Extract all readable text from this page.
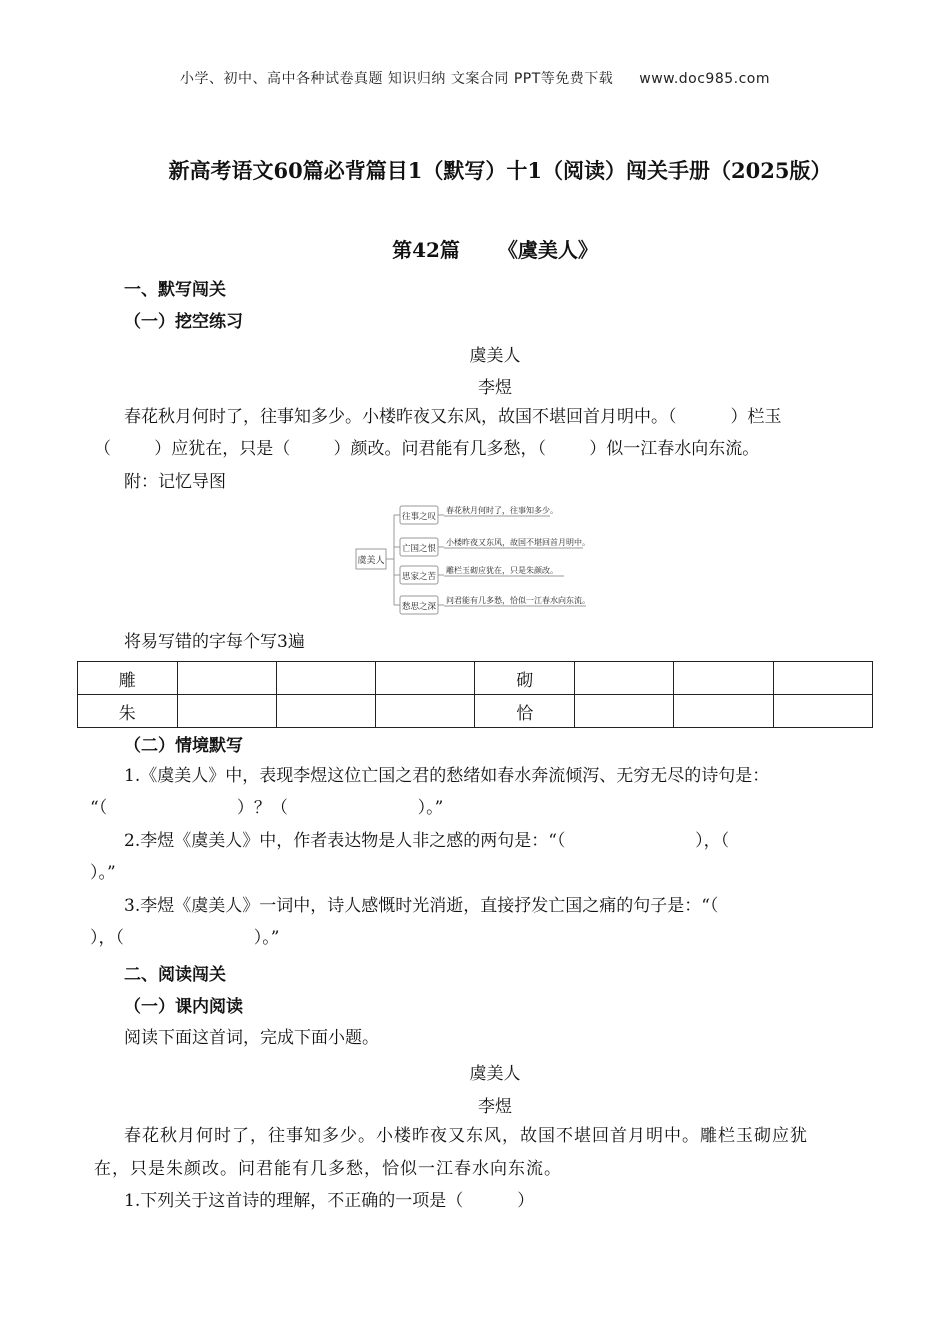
小学、初中、高中各种试卷真题 知识归纳 文案合同 PPT等免费下载 www.doc985.com
新高考语文60篇必背篇目1（默写）十1（阅读）闯关手册（2025版）
第42篇 《虞美人》
一、默写闯关
（一）挖空练习
虞美人
李煜
春花秋月何时了，往事知多少。小楼昨夜又东风，故国不堪回首月明中。（          ）栏玉
（        ）应犹在，只是（        ）颜改。问君能有几多愁，（        ）似一江春水向东流。
附：记忆导图
虞美人
往事之叹
春花秋月何时了，往事知多少。
亡国之恨
小楼昨夜又东风，故国不堪回首月明中。
思家之苦
雕栏玉砌应犹在，只是朱颜改。
愁思之深
问君能有几多愁，恰似一江春水向东流。
将易写错的字每个写3遍
雕				砌			
朱				恰			
（二）情境默写
1.《虞美人》中，表现李煜这位亡国之君的愁绪如春水奔流倾泻、无穷无尽的诗句是：
“（                        ）？（                        ）。”
2.李煜《虞美人》中，作者表达物是人非之感的两句是：“（                        ），（
）。”
3.李煜《虞美人》一词中，诗人感慨时光消逝，直接抒发亡国之痛的句子是：“（
），（                        ）。”
二、阅读闯关
（一）课内阅读
阅读下面这首词，完成下面小题。
虞美人
李煜
春花秋月何时了，往事知多少。小楼昨夜又东风，故国不堪回首月明中。雕栏玉砌应犹
在，只是朱颜改。问君能有几多愁，恰似一江春水向东流。
1.下列关于这首诗的理解，不正确的一项是（          ）
